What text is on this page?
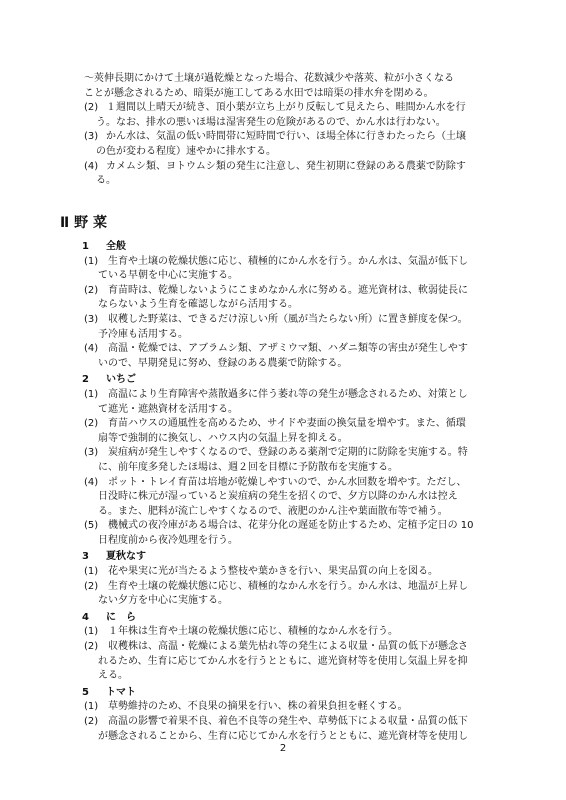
〜莢伸長期にかけて土壌が過乾燥となった場合、花数減少や落莢、粒が小さくなる
ことが懸念されるため、暗渠が施工してある水田では暗渠の排水弁を閉める。
(2) １週間以上晴天が続き、頂小葉が立ち上がり反転して見えたら、畦間かん水を行
う。なお、排水の悪いほ場は湿害発生の危険があるので、かん水は行わない。
(3) かん水は、気温の低い時間帯に短時間で行い、ほ場全体に行きわたったら（土壌
の色が変わる程度）速やかに排水する。
(4) カメムシ類、ヨトウムシ類の発生に注意し、発生初期に登録のある農薬で防除す
る。
Ⅱ 野 菜
1 全般
(1) 生育や土壌の乾燥状態に応じ、積極的にかん水を行う。かん水は、気温が低下し
ている早朝を中心に実施する。
(2) 育苗時は、乾燥しないようにこまめなかん水に努める。遮光資材は、軟弱徒長に
ならないよう生育を確認しながら活用する。
(3) 収穫した野菜は、できるだけ涼しい所（風が当たらない所）に置き鮮度を保つ。
予冷庫も活用する。
(4) 高温・乾燥では、アブラムシ類、アザミウマ類、ハダニ類等の害虫が発生しやす
いので、早期発見に努め、登録のある農薬で防除する。
2 いちご
(1) 高温により生育障害や蒸散過多に伴う萎れ等の発生が懸念されるため、対策とし
て遮光・遮熱資材を活用する。
(2) 育苗ハウスの通風性を高めるため、サイドや妻面の換気量を増やす。また、循環
扇等で強制的に換気し、ハウス内の気温上昇を抑える。
(3) 炭疽病が発生しやすくなるので、登録のある薬剤で定期的に防除を実施する。特
に、前年度多発したほ場は、週２回を目標に予防散布を実施する。
(4) ポット・トレイ育苗は培地が乾燥しやすいので、かん水回数を増やす。ただし、
日没時に株元が湿っていると炭疽病の発生を招くので、夕方以降のかん水は控え
る。また、肥料が流亡しやすくなるので、液肥のかん注や葉面散布等で補う。
(5) 機械式の夜冷庫がある場合は、花芽分化の遅延を防止するため、定植予定日の 10
日程度前から夜冷処理を行う。
3 夏秋なす
(1) 花や果実に光が当たるよう整枝や葉かきを行い、果実品質の向上を図る。
(2) 生育や土壌の乾燥状態に応じ、積極的なかん水を行う。かん水は、地温が上昇し
ない夕方を中心に実施する。
4 に　ら
(1) １年株は生育や土壌の乾燥状態に応じ、積極的なかん水を行う。
(2) 収穫株は、高温・乾燥による葉先枯れ等の発生による収量・品質の低下が懸念さ
れるため、生育に応じてかん水を行うとともに、遮光資材等を使用し気温上昇を抑
える。
5 トマト
(1) 草勢維持のため、不良果の摘果を行い、株の着果負担を軽くする。
(2) 高温の影響で着果不良、着色不良等の発生や、草勢低下による収量・品質の低下
が懸念されることから、生育に応じてかん水を行うとともに、遮光資材等を使用し
2
